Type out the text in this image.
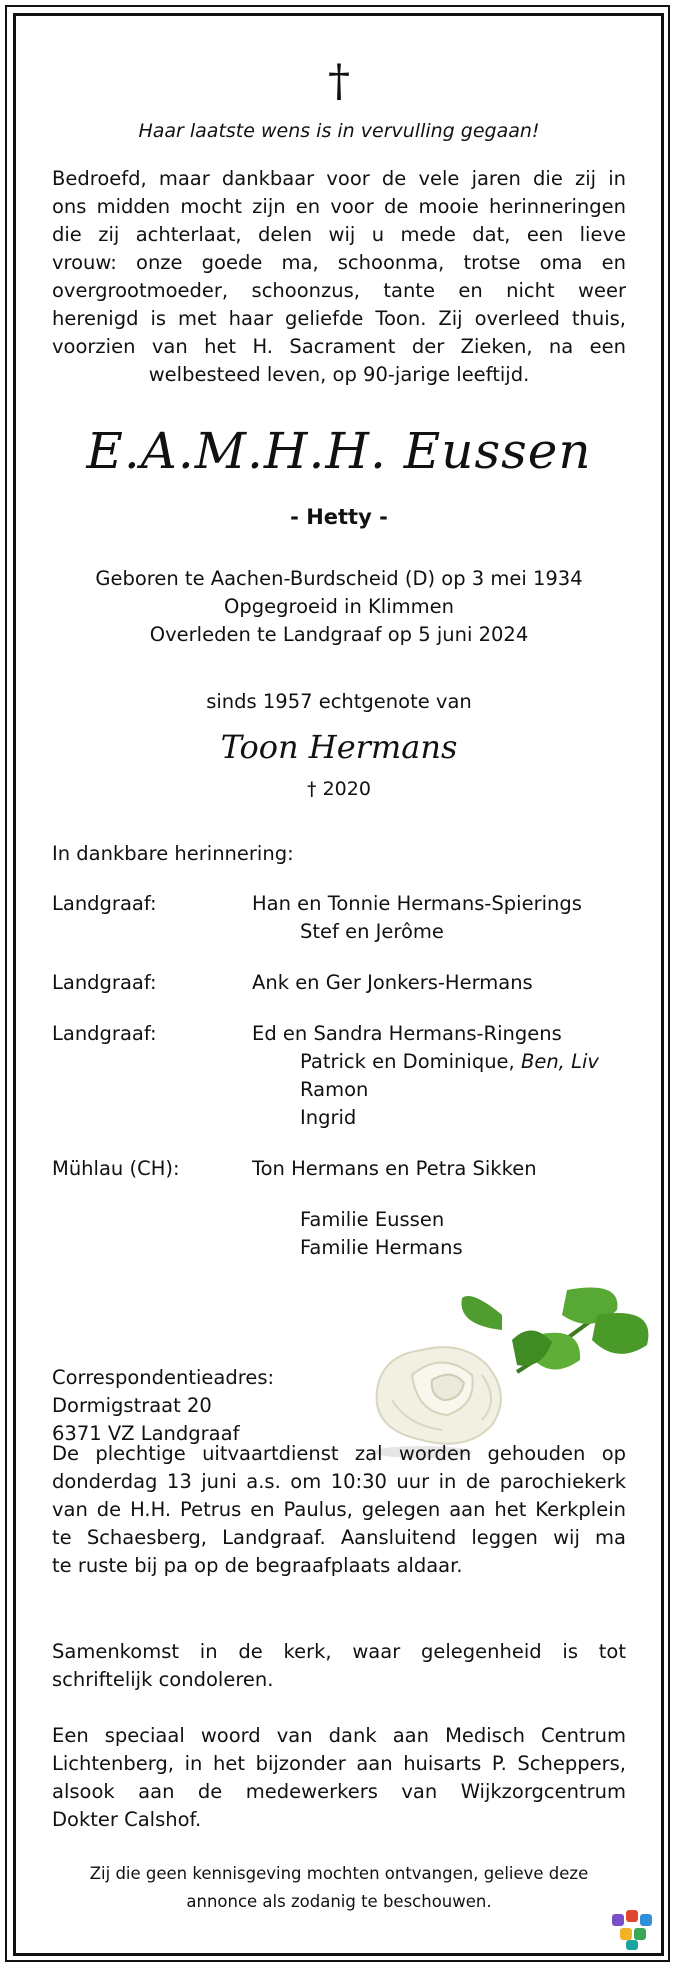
†
Haar laatste wens is in vervulling gegaan!
Bedroefd, maar dankbaar voor de vele jaren die zij in
ons midden mocht zijn en voor de mooie herinneringen
die zij achterlaat, delen wij u mede dat, een lieve
vrouw: onze goede ma, schoonma, trotse oma en
overgrootmoeder, schoonzus, tante en nicht weer
herenigd is met haar geliefde Toon. Zij overleed thuis,
voorzien van het H. Sacrament der Zieken, na een
welbesteed leven, op 90-jarige leeftijd.
E.A.M.H.H. Eussen
- Hetty -
Geboren te Aachen-Burdscheid (D) op 3 mei 1934
Opgegroeid in Klimmen
Overleden te Landgraaf op 5 juni 2024
sinds 1957 echtgenote van
Toon Hermans
† 2020
In dankbare herinnering:
Landgraaf:	Han en Tonnie Hermans-Spierings
Stef en Jerôme
Landgraaf:	Ank en Ger Jonkers-Hermans
Landgraaf:	Ed en Sandra Hermans-Ringens
Patrick en Dominique, Ben, Liv
Ramon
Ingrid
Mühlau (CH):	Ton Hermans en Petra Sikken
Familie Eussen
Familie Hermans
Correspondentieadres:
Dormigstraat 20
6371 VZ Landgraaf
De plechtige uitvaartdienst zal worden gehouden op
donderdag 13 juni a.s. om 10:30 uur in de parochiekerk
van de H.H. Petrus en Paulus, gelegen aan het Kerkplein
te Schaesberg, Landgraaf. Aansluitend leggen wij ma
te ruste bij pa op de begraafplaats aldaar.
Samenkomst in de kerk, waar gelegenheid is tot
schriftelijk condoleren.
Een speciaal woord van dank aan Medisch Centrum
Lichtenberg, in het bijzonder aan huisarts P. Scheppers,
alsook aan de medewerkers van Wijkzorgcentrum
Dokter Calshof.
Zij die geen kennisgeving mochten ontvangen, gelieve deze
annonce als zodanig te beschouwen.
